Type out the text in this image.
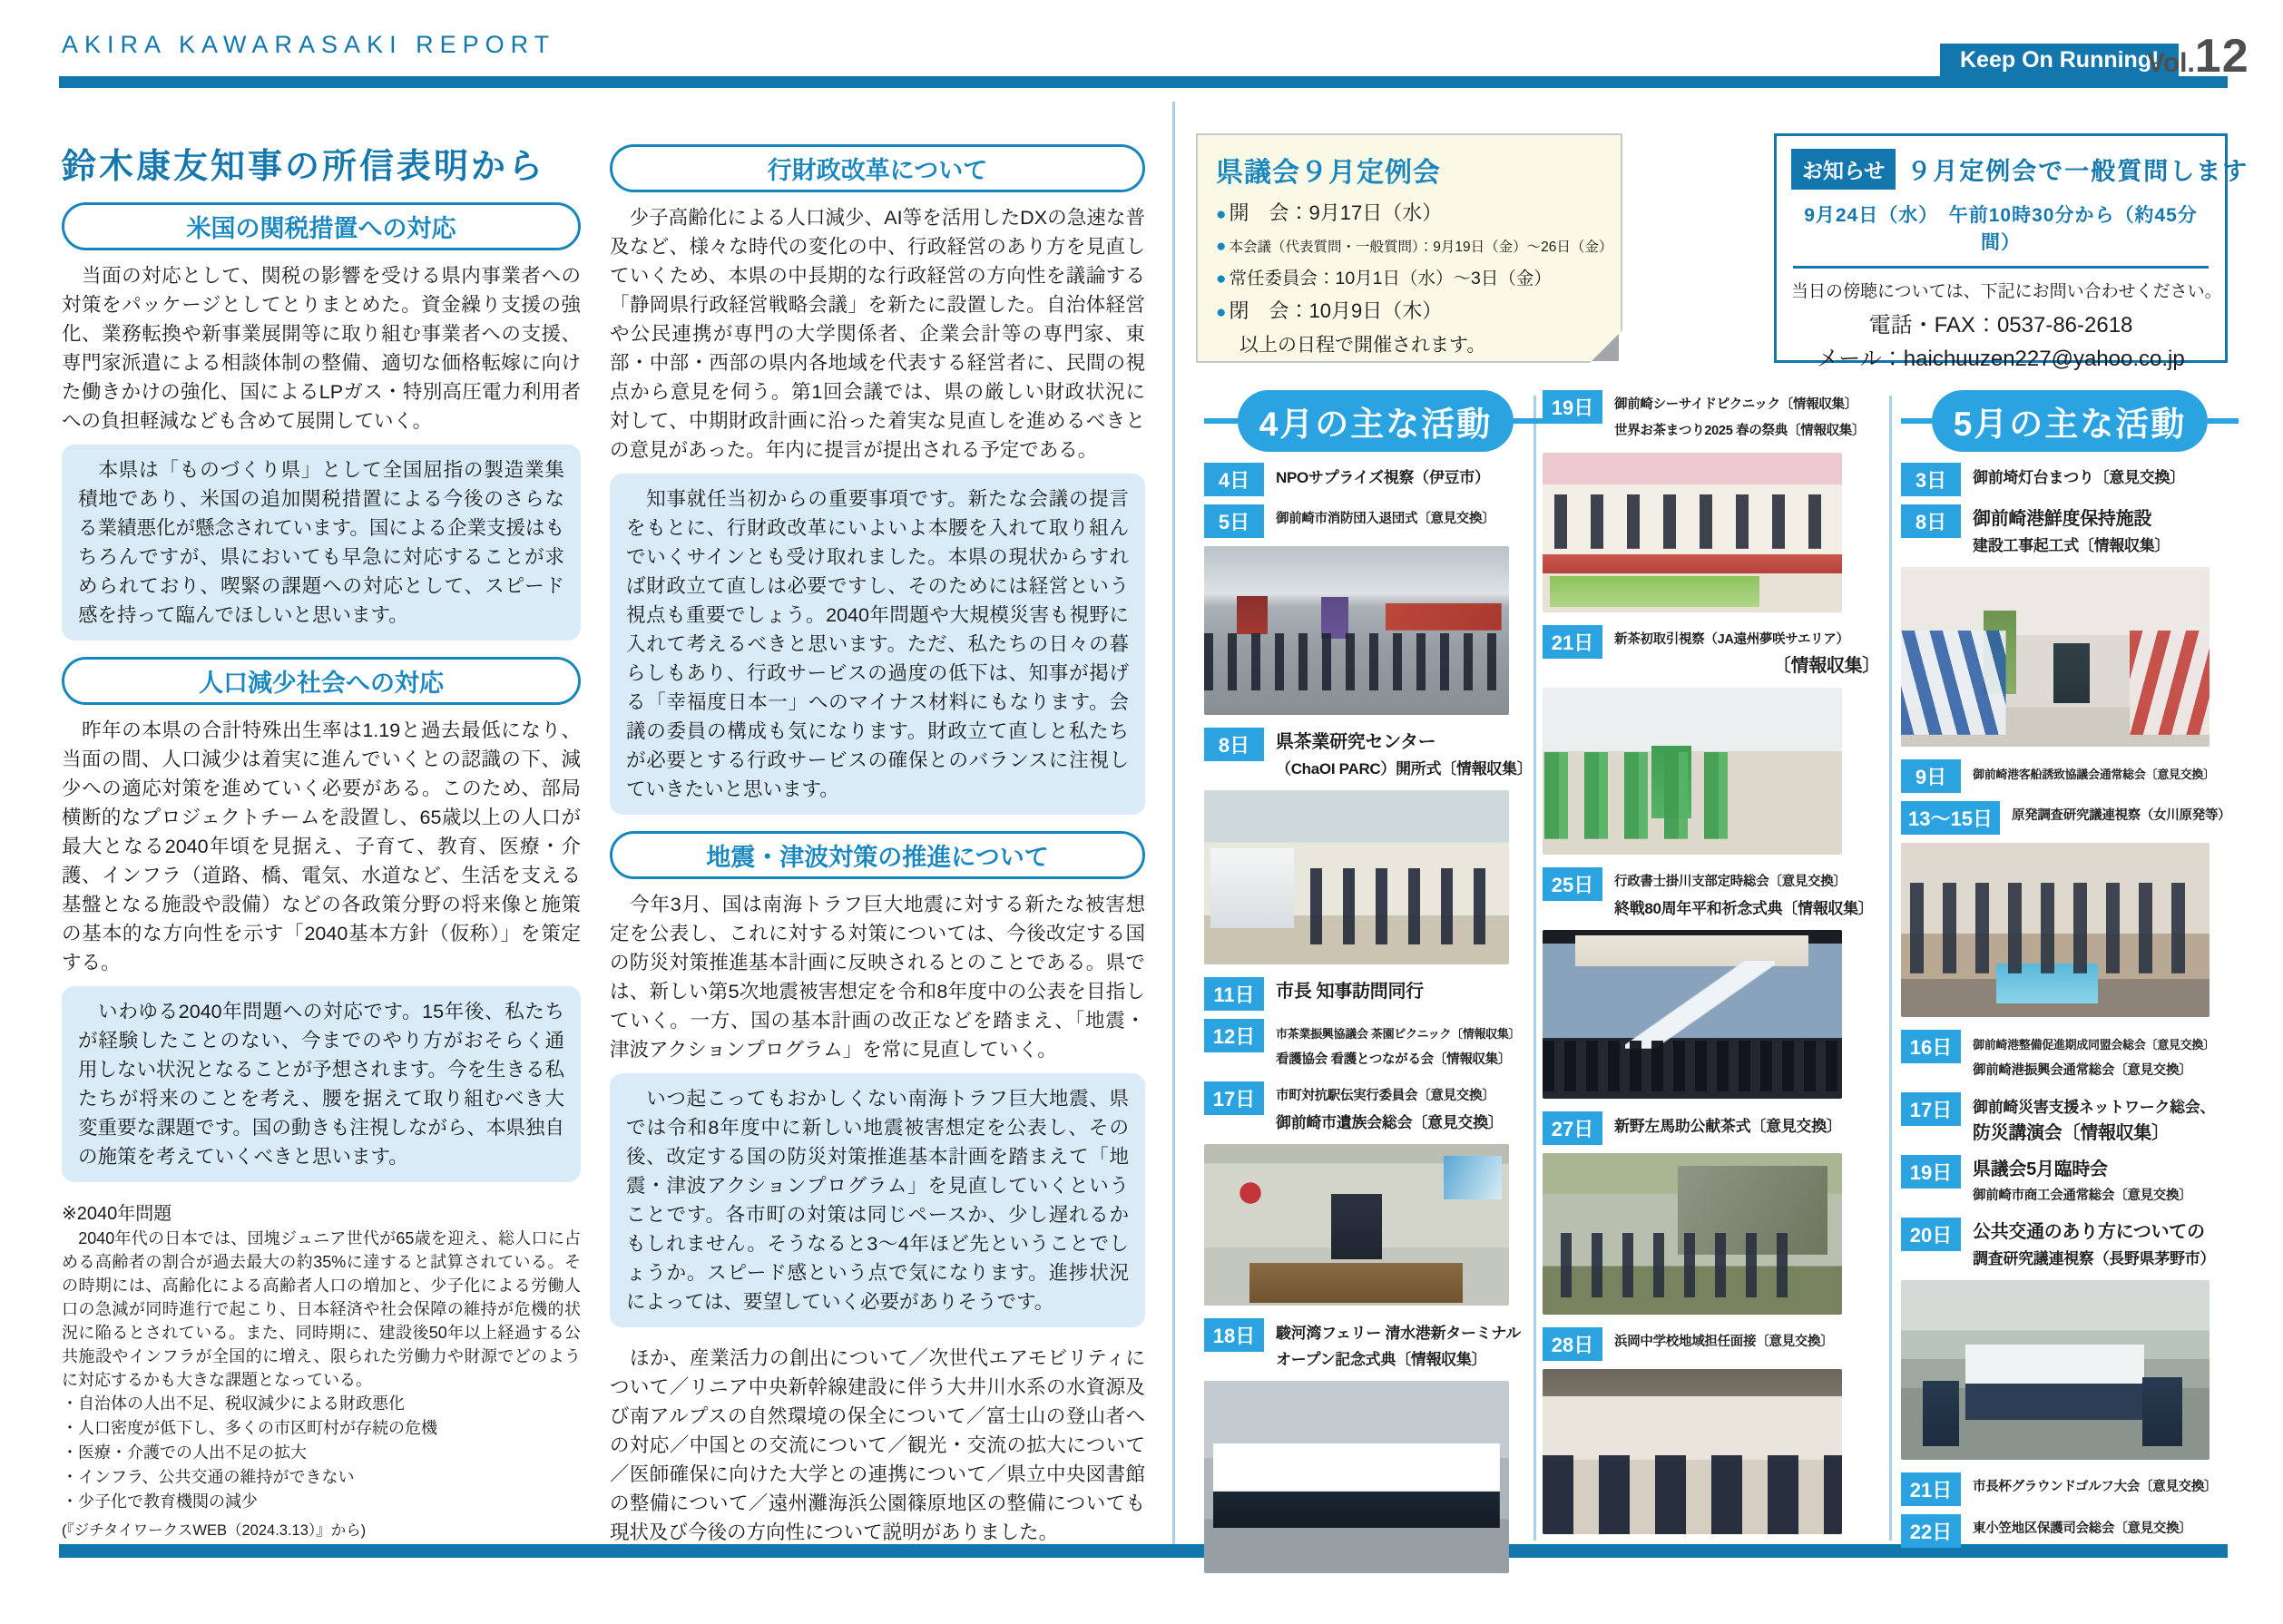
AKIRA KAWARASAKI REPORT
Keep On Running!
Vol. 12
鈴木康友知事の所信表明から
米国の関税措置への対応

　当面の対応として、関税の影響を受ける県内事業者への対策をパッケージとしてとりまとめた。資金繰り支援の強化、業務転換や新事業展開等に取り組む事業者への支援、専門家派遣による相談体制の整備、適切な価格転嫁に向けた働きかけの強化、国によるLPガス・特別高圧電力利用者への負担軽減なども含めて展開していく。

　本県は「ものづくり県」として全国屈指の製造業集積地であり、米国の追加関税措置による今後のさらなる業績悪化が懸念されています。国による企業支援はもちろんですが、県においても早急に対応することが求められており、喫緊の課題への対応として、スピード感を持って臨んでほしいと思います。
人口減少社会への対応

　昨年の本県の合計特殊出生率は1.19と過去最低になり、当面の間、人口減少は着実に進んでいくとの認識の下、減少への適応対策を進めていく必要がある。このため、部局横断的なプロジェクトチームを設置し、65歳以上の人口が最大となる2040年頃を見据え、子育て、教育、医療・介護、インフラ（道路、橋、電気、水道など、生活を支える基盤となる施設や設備）などの各政策分野の将来像と施策の基本的な方向性を示す「2040基本方針（仮称）」を策定する。

　いわゆる2040年問題への対応です。15年後、私たちが経験したことのない、今までのやり方がおそらく通用しない状況となることが予想されます。今を生きる私たちが将来のことを考え、腰を据えて取り組むべき大変重要な課題です。国の動きも注視しながら、本県独自の施策を考えていくべきと思います。
※2040年問題

　2040年代の日本では、団塊ジュニア世代が65歳を迎え、総人口に占める高齢者の割合が過去最大の約35%に達すると試算されている。その時期には、高齢化による高齢者人口の増加と、少子化による労働人口の急減が同時進行で起こり、日本経済や社会保障の維持が危機的状況に陥るとされている。また、同時期に、建設後50年以上経過する公共施設やインフラが全国的に増え、限られた労働力や財源でどのように対応するかも大きな課題となっている。

・自治体の人出不足、税収減少による財政悪化
・人口密度が低下し、多くの市区町村が存続の危機
・医療・介護での人出不足の拡大
・インフラ、公共交通の維持ができない
・少子化で教育機関の減少
(『ジチタイワークスWEB（2024.3.13）』から)
行財政改革について

　少子高齢化による人口減少、AI等を活用したDXの急速な普及など、様々な時代の変化の中、行政経営のあり方を見直していくため、本県の中長期的な行政経営の方向性を議論する「静岡県行政経営戦略会議」を新たに設置した。自治体経営や公民連携が専門の大学関係者、企業会計等の専門家、東部・中部・西部の県内各地域を代表する経営者に、民間の視点から意見を伺う。第1回会議では、県の厳しい財政状況に対して、中期財政計画に沿った着実な見直しを進めるべきとの意見があった。年内に提言が提出される予定である。

　知事就任当初からの重要事項です。新たな会議の提言をもとに、行財政改革にいよいよ本腰を入れて取り組んでいくサインとも受け取れました。本県の現状からすれば財政立て直しは必要ですし、そのためには経営という視点も重要でしょう。2040年問題や大規模災害も視野に入れて考えるべきと思います。ただ、私たちの日々の暮らしもあり、行政サービスの過度の低下は、知事が掲げる「幸福度日本一」へのマイナス材料にもなります。会議の委員の構成も気になります。財政立て直しと私たちが必要とする行政サービスの確保とのバランスに注視していきたいと思います。
地震・津波対策の推進について

　今年3月、国は南海トラフ巨大地震に対する新たな被害想定を公表し、これに対する対策については、今後改定する国の防災対策推進基本計画に反映されるとのことである。県では、新しい第5次地震被害想定を令和8年度中の公表を目指していく。一方、国の基本計画の改正などを踏まえ、「地震・津波アクションプログラム」を常に見直していく。

　いつ起こってもおかしくない南海トラフ巨大地震、県では令和8年度中に新しい地震被害想定を公表し、その後、改定する国の防災対策推進基本計画を踏まえて「地震・津波アクションプログラム」を見直していくということです。各市町の対策は同じペースか、少し遅れるかもしれません。そうなると3～4年ほど先ということでしょうか。スピード感という点で気になります。進捗状況によっては、要望していく必要がありそうです。

　ほか、産業活力の創出について／次世代エアモビリティについて／リニア中央新幹線建設に伴う大井川水系の水資源及び南アルプスの自然環境の保全について／富士山の登山者への対応／中国との交流について／観光・交流の拡大について／医師確保に向けた大学との連携について／県立中央図書館の整備について／遠州灘海浜公園篠原地区の整備についても現状及び今後の方向性について説明がありました。

県議会９月定例会
● 開　会：9月17日（水）
● 本会議（代表質問・一般質問）：9月19日（金）～26日（金）
● 常任委員会：10月1日（水）～3日（金）
● 閉　会：10月9日（木）
以上の日程で開催されます。
お知らせ ９月定例会で一般質問します
9月24日（水）　午前10時30分から（約45分間）
当日の傍聴については、下記にお問い合わせください。
電話・FAX：0537-86-2618
メール：haichuuzen227@yahoo.co.jp
4月の主な活動
4日	NPOサプライズ視察（伊豆市）
5日	御前崎市消防団入退団式〔意見交換〕
8日	県茶業研究センター
（ChaOI PARC）開所式〔情報収集〕
11日	市長 知事訪問同行
12日	市茶業振興協議会 茶園ピクニック〔情報収集〕
看護協会 看護とつながる会〔情報収集〕
17日	市町対抗駅伝実行委員会〔意見交換〕
御前崎市遺族会総会〔意見交換〕
18日	駿河湾フェリー 清水港新ターミナル
オープン記念式典〔情報収集〕
19日	御前崎シーサイドピクニック〔情報収集〕
世界お茶まつり2025 春の祭典〔情報収集〕
21日	新茶初取引視察（JA遠州夢咲サエリア）
〔情報収集〕
25日	行政書士掛川支部定時総会〔意見交換〕
終戦80周年平和祈念式典〔情報収集〕
27日	新野左馬助公献茶式〔意見交換〕
28日	浜岡中学校地域担任面接〔意見交換〕
5月の主な活動
3日	御前埼灯台まつり〔意見交換〕
8日	御前崎港鮮度保持施設
建設工事起工式〔情報収集〕
9日	御前崎港客船誘致協議会通常総会〔意見交換〕
13～15日	原発調査研究議連視察（女川原発等）
16日	御前崎港整備促進期成同盟会総会〔意見交換〕
御前崎港振興会通常総会〔意見交換〕
17日	御前崎災害支援ネットワーク総会、
防災講演会〔情報収集〕
19日	県議会5月臨時会
御前崎市商工会通常総会〔意見交換〕
20日	公共交通のあり方についての
調査研究議連視察（長野県茅野市）
21日	市長杯グラウンドゴルフ大会〔意見交換〕
22日	東小笠地区保護司会総会〔意見交換〕
